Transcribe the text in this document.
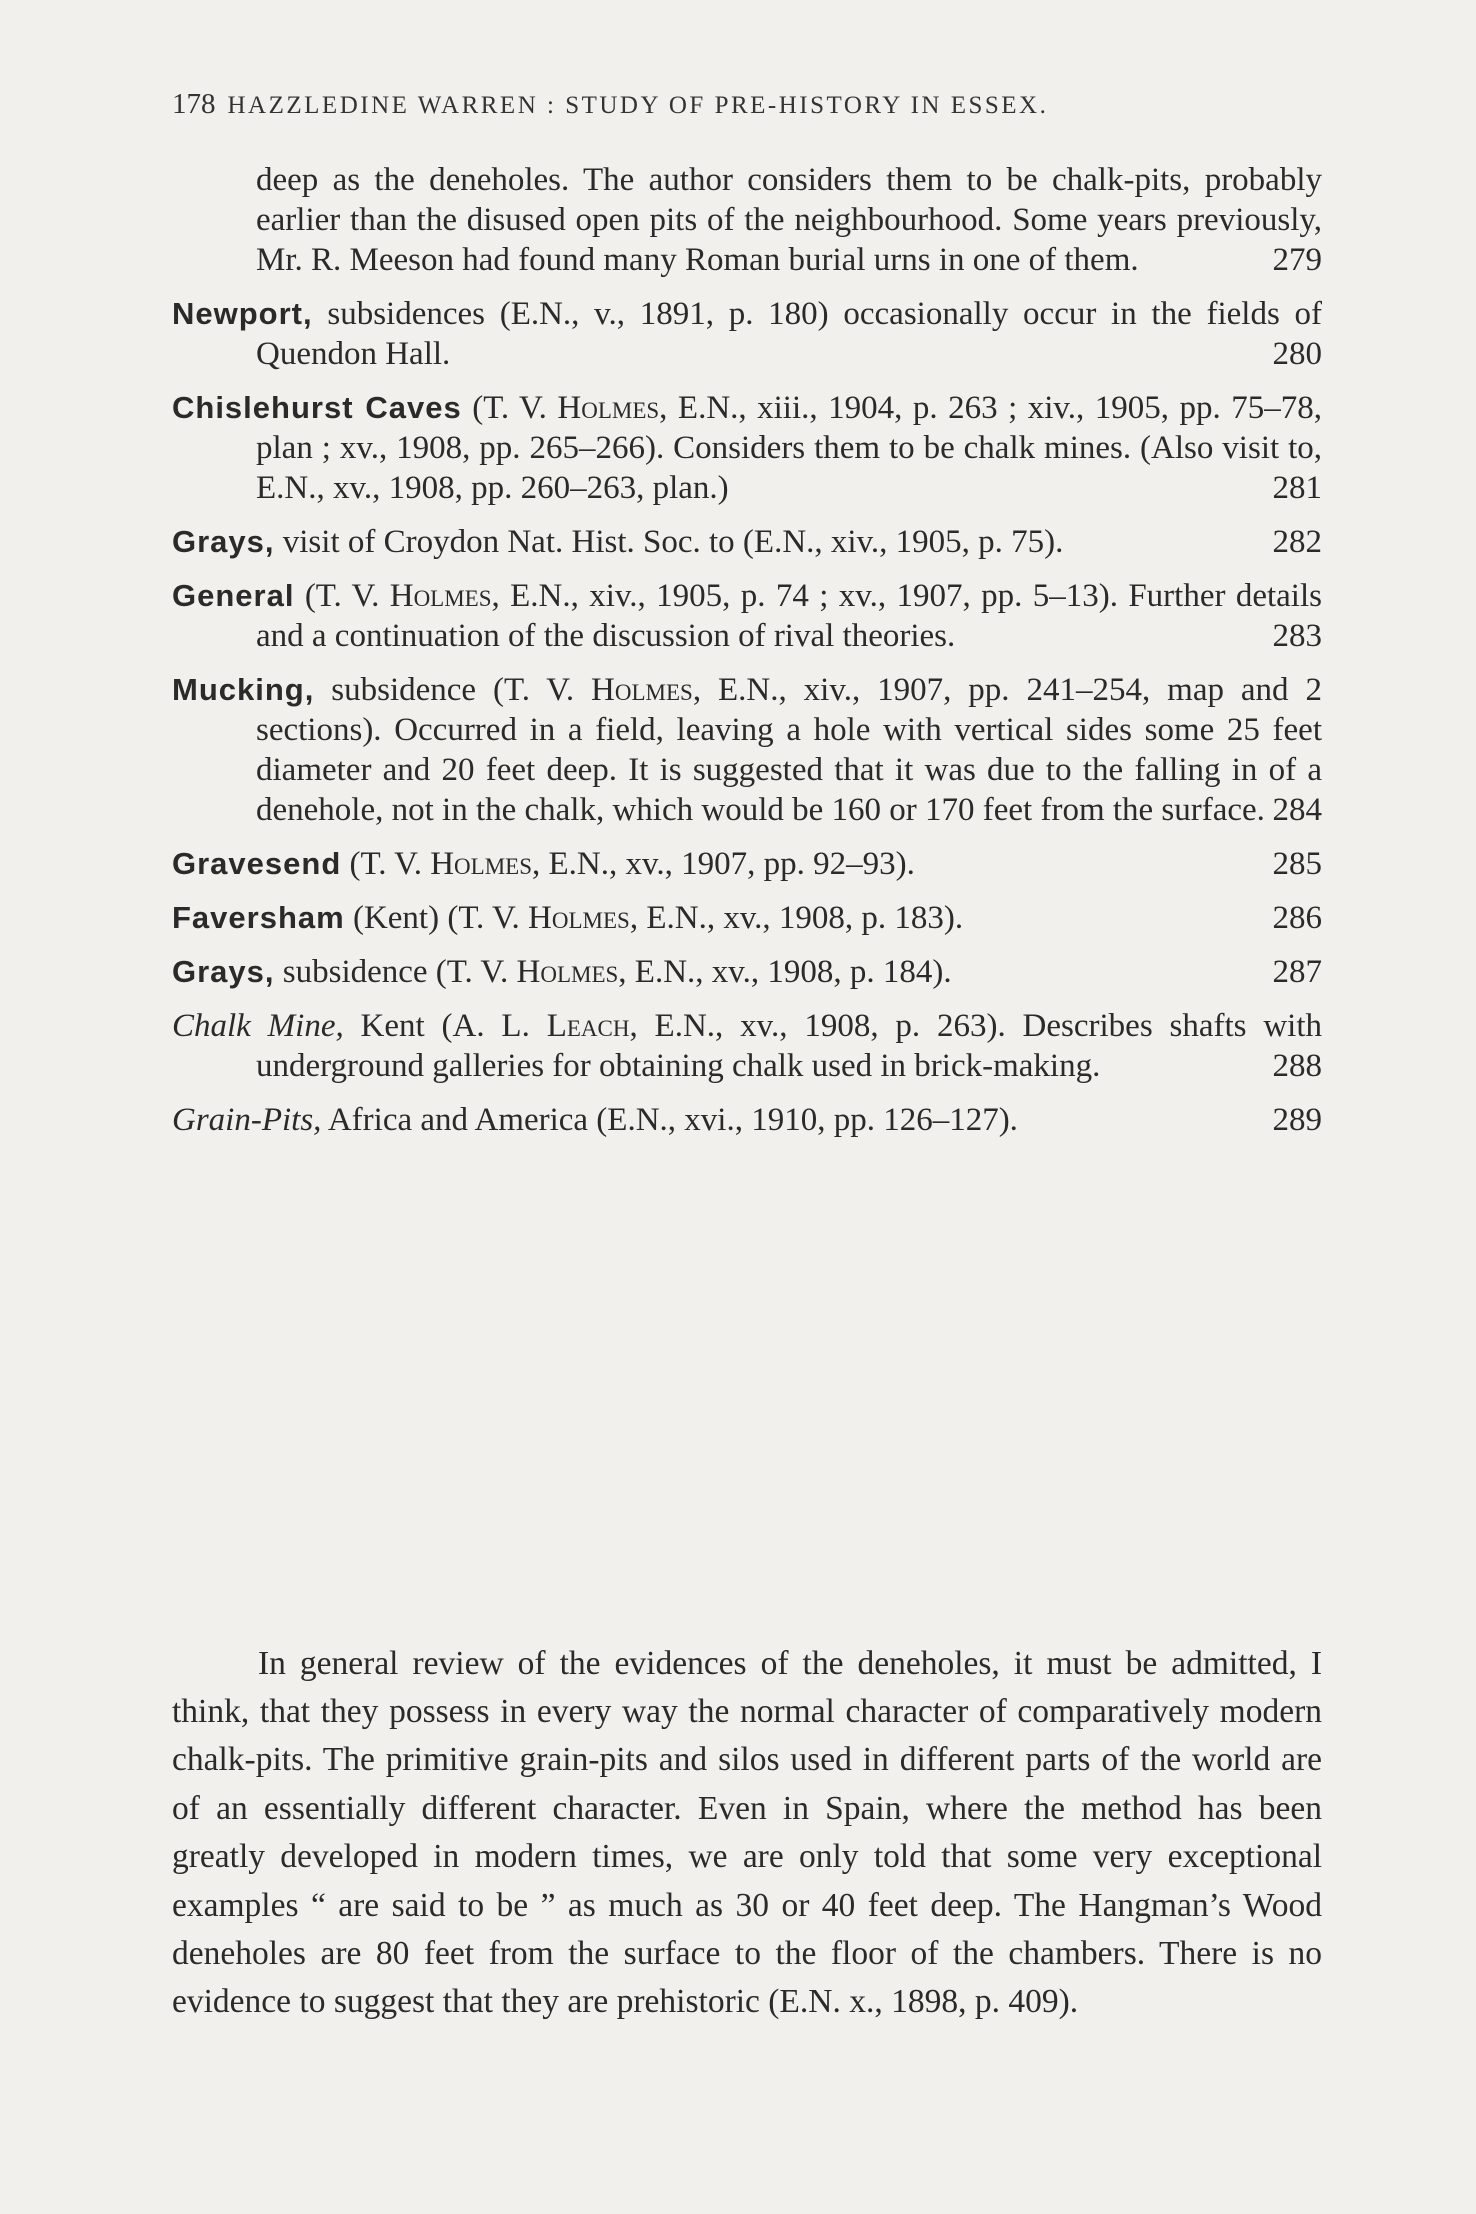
178 HAZZLEDINE WARREN : STUDY OF PRE-HISTORY IN ESSEX.
deep as the deneholes. The author considers them to be chalk-pits, probably earlier than the disused open pits of the neighbourhood. Some years previously, Mr. R. Meeson had found many Roman burial urns in one of them.	279
Newport, subsidences (E.N., v., 1891, p. 180) occasionally occur in the fields of Quendon Hall.	280
Chislehurst Caves (T. V. Holmes, E.N., xiii., 1904, p. 263 ; xiv., 1905, pp. 75–78, plan ; xv., 1908, pp. 265–266). Considers them to be chalk mines. (Also visit to, E.N., xv., 1908, pp. 260–263, plan.)	281
Grays, visit of Croydon Nat. Hist. Soc. to (E.N., xiv., 1905, p. 75).	282
General (T. V. Holmes, E.N., xiv., 1905, p. 74 ; xv., 1907, pp. 5–13). Further details and a continuation of the discussion of rival theories.	283
Mucking, subsidence (T. V. Holmes, E.N., xiv., 1907, pp. 241–254, map and 2 sections). Occurred in a field, leaving a hole with vertical sides some 25 feet diameter and 20 feet deep. It is suggested that it was due to the falling in of a denehole, not in the chalk, which would be 160 or 170 feet from the surface. 284
Gravesend (T. V. Holmes, E.N., xv., 1907, pp. 92–93).	285
Faversham (Kent) (T. V. Holmes, E.N., xv., 1908, p. 183).	286
Grays, subsidence (T. V. Holmes, E.N., xv., 1908, p. 184).	287
Chalk Mine, Kent (A. L. Leach, E.N., xv., 1908, p. 263). Describes shafts with underground galleries for obtaining chalk used in brick-making.	288
Grain-Pits, Africa and America (E.N., xvi., 1910, pp. 126–127).	289

In general review of the evidences of the deneholes, it must be admitted, I think, that they possess in every way the normal character of comparatively modern chalk-pits. The primitive grain-pits and silos used in different parts of the world are of an essentially different character. Even in Spain, where the method has been greatly developed in modern times, we are only told that some very exceptional examples “ are said to be ” as much as 30 or 40 feet deep. The Hangman’s Wood deneholes are 80 feet from the surface to the floor of the chambers. There is no evidence to suggest that they are prehistoric (E.N. x., 1898, p. 409).
